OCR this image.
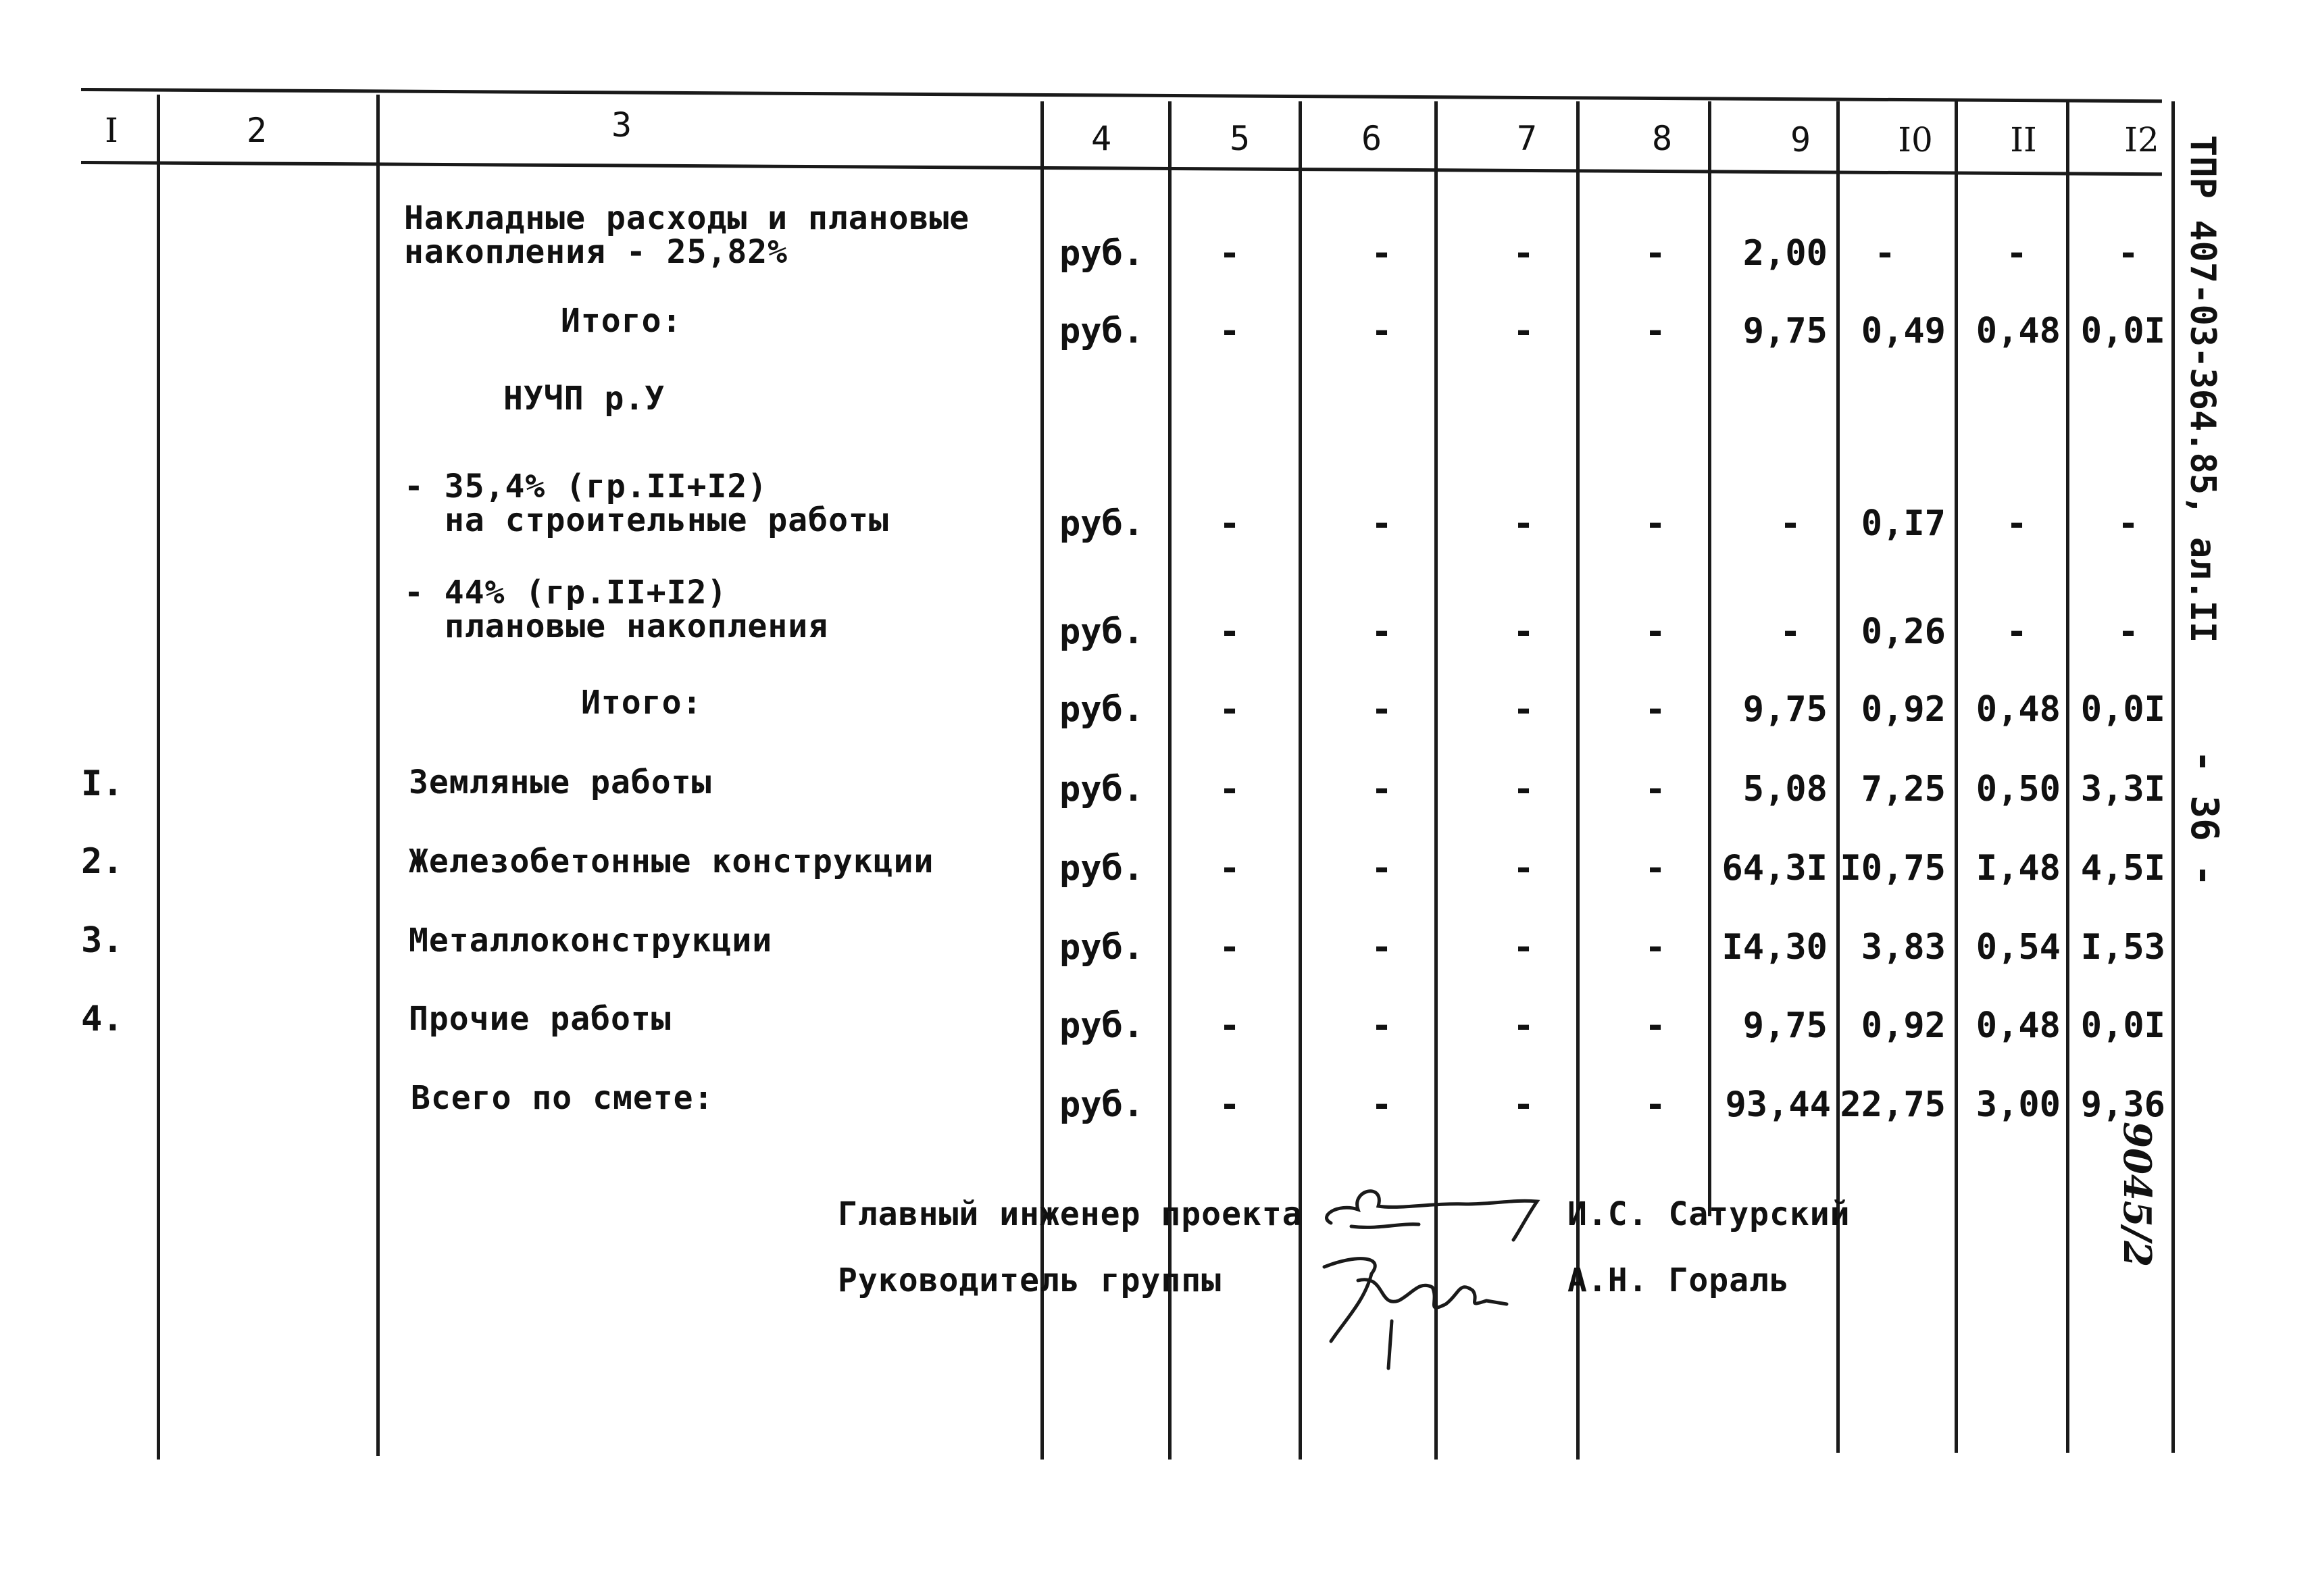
I	2	3	4	5	6	7	8	9	I0	II	I2
Накладные расходы и плановые
накопления - 25,82%	руб.	-	-	-	-	2,00	-	-	-
Итого:	руб.	-	-	-	-	9,75 0,49 0,48 0,0I
НУЧП р.У
- 35,4% (гр.II+I2)
на строительные работы	руб.	-	-	-	-	-	0,I7	-	-
- 44% (гр.II+I2)
плановые накопления	руб.	-	-	-	-	-	0,26	-	-
Итого:	руб.	-	-	-	-	9,75 0,92 0,48 0,0I
I.	Земляные работы	руб.	-	-	-	-	5,08 7,25 0,50 3,3I
2.	Железобетонные конструкции	руб.	-	-	-	-	64,3I I0,75 I,48 4,5I
3.	Металлоконструкции	руб.	-	-	-	-	I4,30 3,83 0,54 I,53
4.	Прочие работы	руб.	-	-	-	-	9,75 0,92 0,48 0,0I
Всего по смете:	руб.	-	-	-	-	93,44 22,75 3,00 9,36
Главный инженер проекта	И.С. Сатурский
Руководитель группы	А.Н. Гораль
ТПР 407-03-364.85, ал.II
- 36 -
9045/2
